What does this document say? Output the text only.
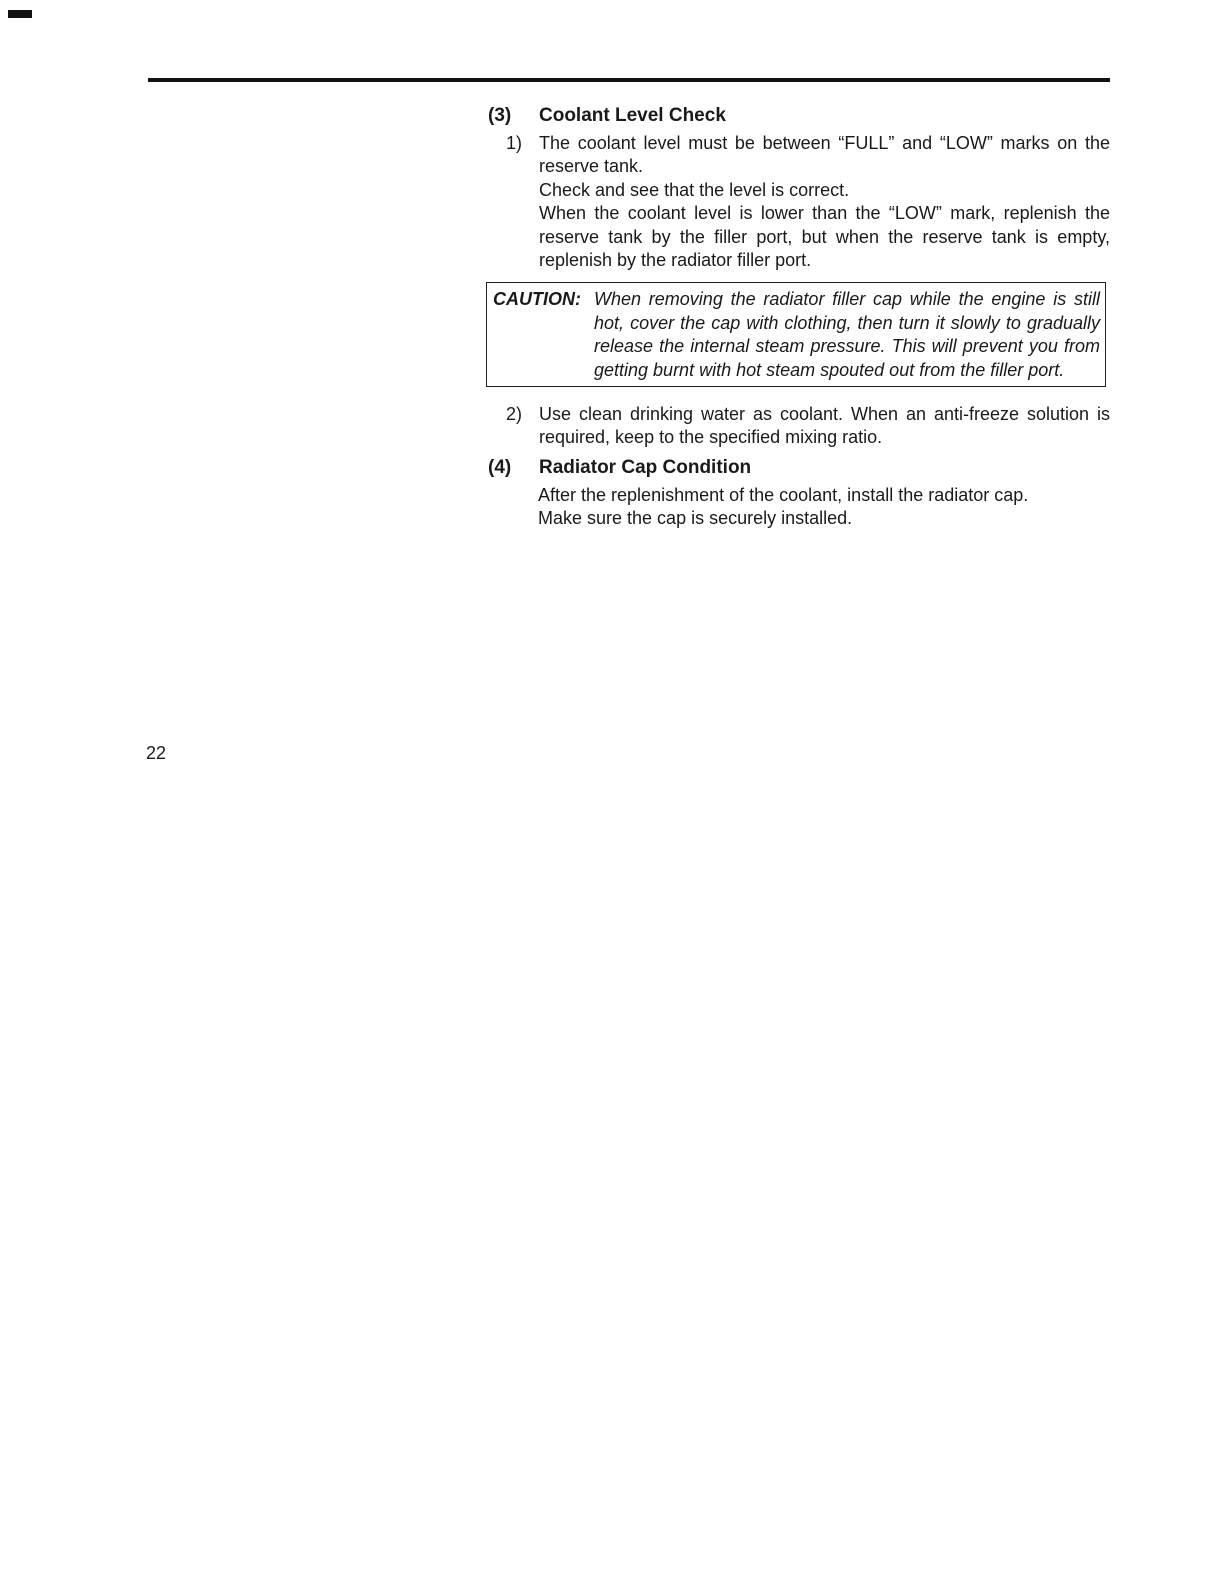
(3)	Coolant Level Check
1) The coolant level must be between “FULL” and “LOW” marks on the reserve tank.

Check and see that the level is correct.

When the coolant level is lower than the “LOW” mark, replenish the reserve tank by the filler port, but when the reserve tank is empty, replenish by the radiator filler port.

CAUTION: When removing the radiator filler cap while the engine is still hot, cover the cap with clothing, then turn it slowly to gradually release the internal steam pressure. This will prevent you from getting burnt with hot steam spouted out from the filler port.
2) Use clean drinking water as coolant. When an anti-freeze solution is required, keep to the specified mixing ratio.

(4)	Radiator Cap Condition

After the replenishment of the coolant, install the radiator cap.

Make sure the cap is securely installed.

22
